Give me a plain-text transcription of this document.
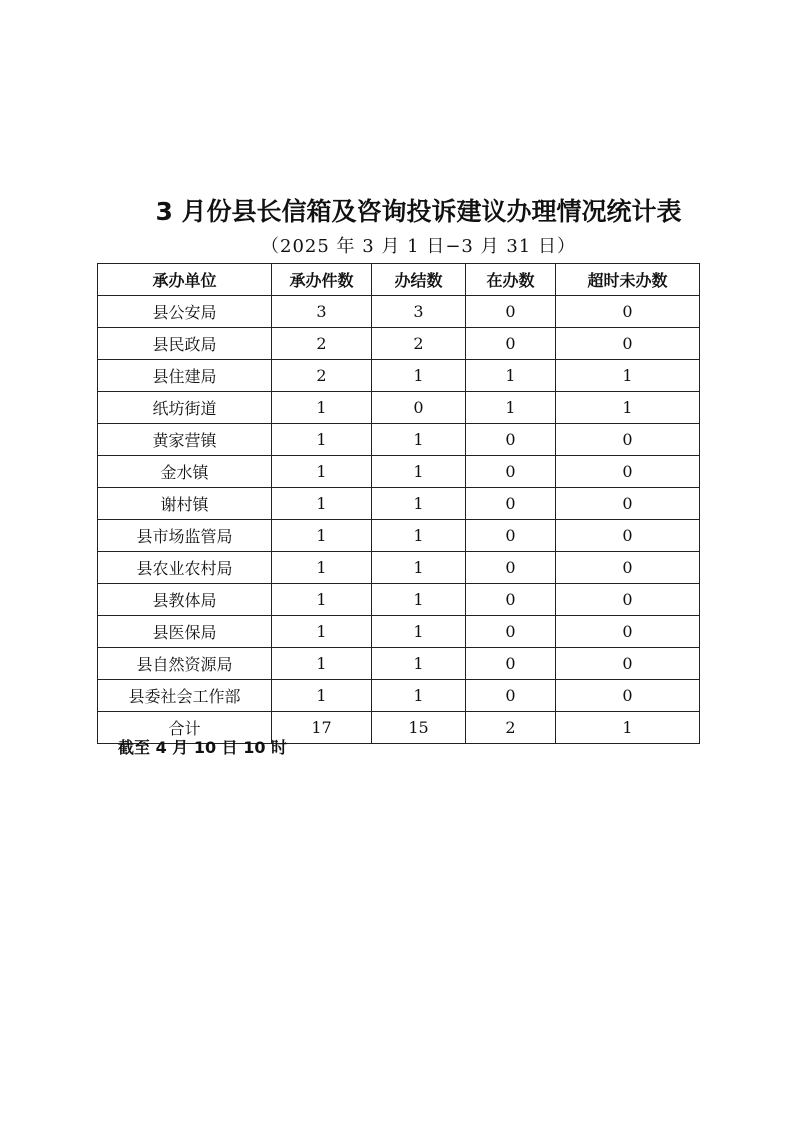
3 月份县长信箱及咨询投诉建议办理情况统计表
（2025 年 3 月 1 日−3 月 31 日）
承办单位	承办件数	办结数	在办数	超时未办数
县公安局	3	3	0	0
县民政局	2	2	0	0
县住建局	2	1	1	1
纸坊街道	1	0	1	1
黄家营镇	1	1	0	0
金水镇	1	1	0	0
谢村镇	1	1	0	0
县市场监管局	1	1	0	0
县农业农村局	1	1	0	0
县教体局	1	1	0	0
县医保局	1	1	0	0
县自然资源局	1	1	0	0
县委社会工作部	1	1	0	0
合计	17	15	2	1
截至 4 月 10 日 10 时
